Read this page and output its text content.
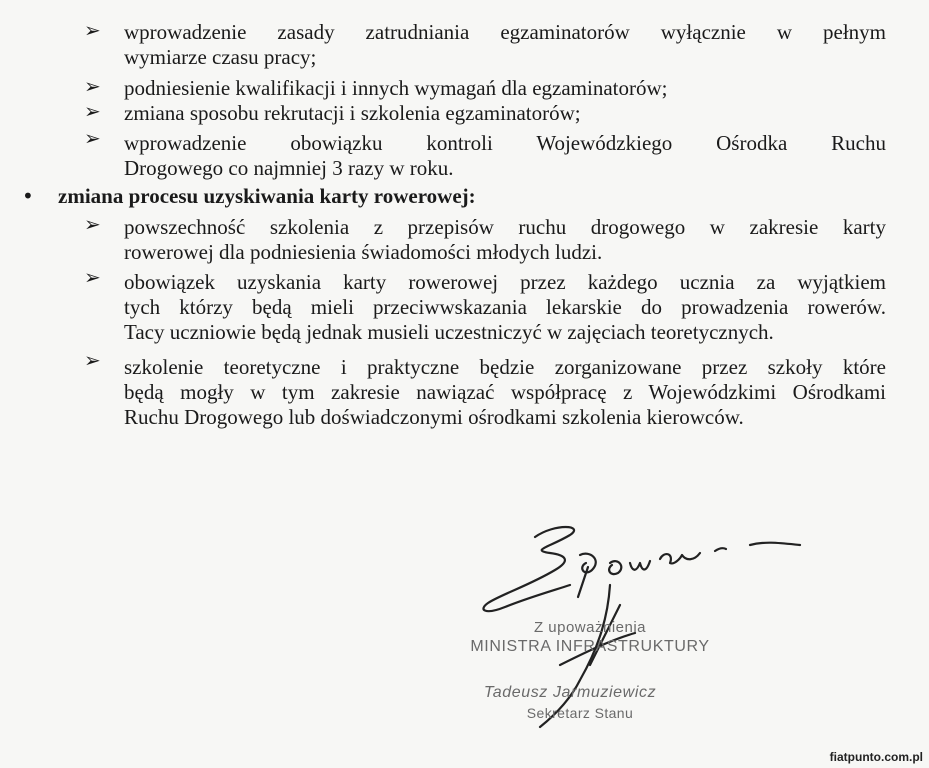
➢ wprowadzenie zasady zatrudniania egzaminatorów wyłącznie w pełnym
wymiarze czasu pracy;
➢ podniesienie kwalifikacji i innych wymagań dla egzaminatorów;
➢ zmiana sposobu rekrutacji i szkolenia egzaminatorów;
➢ wprowadzenie obowiązku kontroli Wojewódzkiego Ośrodka Ruchu
Drogowego co najmniej 3 razy w roku.
• zmiana procesu uzyskiwania karty rowerowej:
➢ powszechność szkolenia z przepisów ruchu drogowego w zakresie karty
rowerowej dla podniesienia świadomości młodych ludzi.
➢ obowiązek uzyskania karty rowerowej przez każdego ucznia za wyjątkiem
tych którzy będą mieli przeciwwskazania lekarskie do prowadzenia rowerów.
Tacy uczniowie będą jednak musieli uczestniczyć w zajęciach teoretycznych.
➢ szkolenie teoretyczne i praktyczne będzie zorganizowane przez szkoły które
będą mogły w tym zakresie nawiązać współpracę z Wojewódzkimi Ośrodkami
Ruchu Drogowego lub doświadczonymi ośrodkami szkolenia kierowców.
Z upoważnienia
MINISTRA INFRASTRUKTURY
Tadeusz Jarmuziewicz
Sekretarz Stanu
fiatpunto.com.pl
